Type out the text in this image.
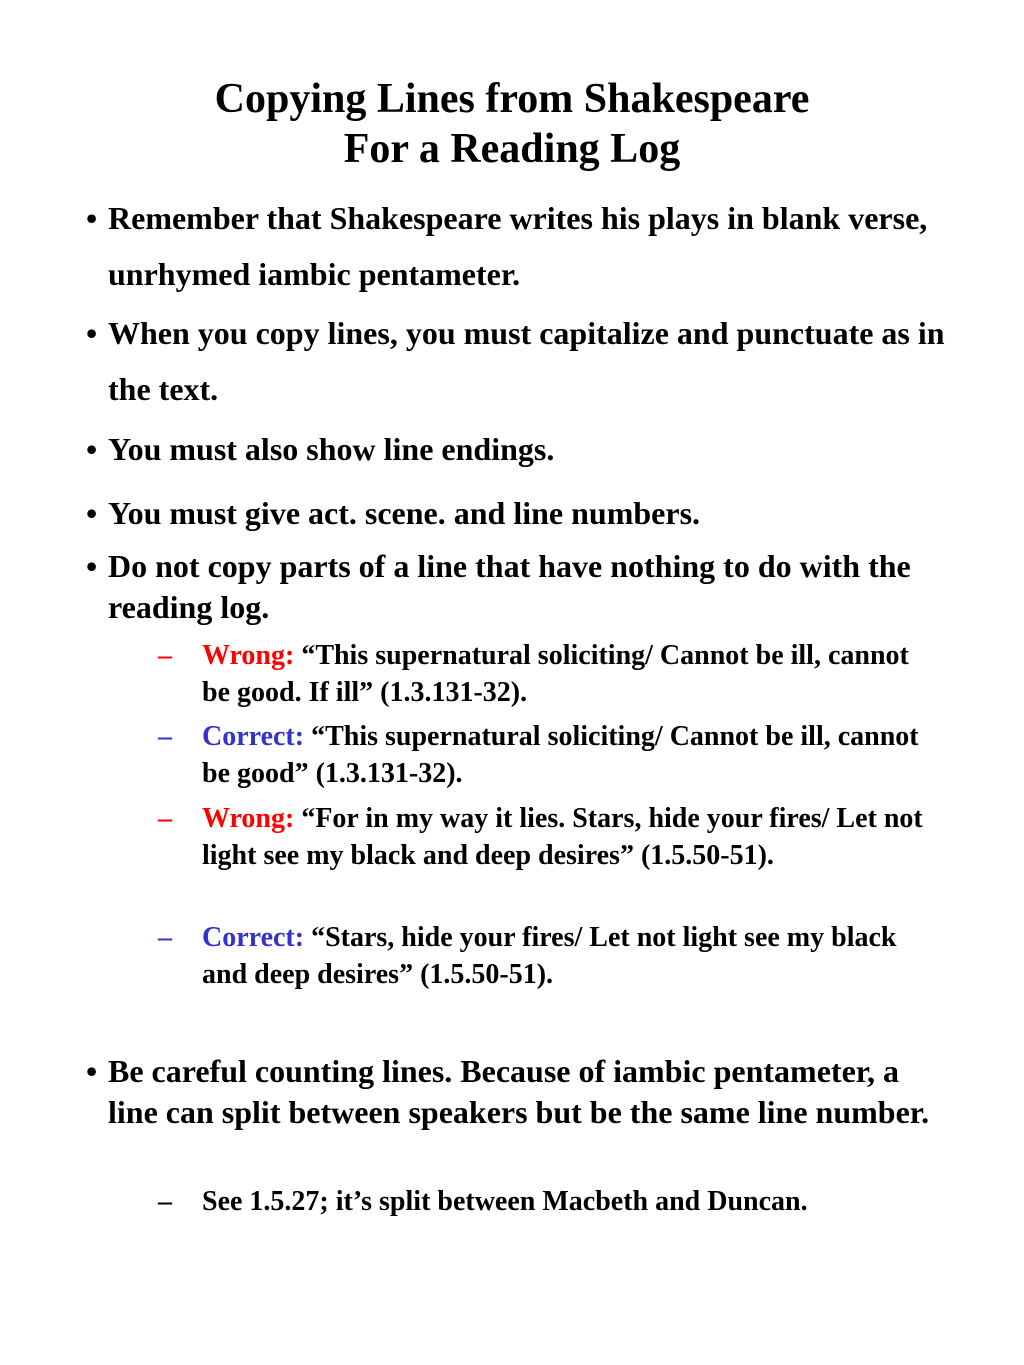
Copying Lines from Shakespeare
For a Reading Log
• Remember that Shakespeare writes his plays in blank verse, unrhymed iambic pentameter.
• When you copy lines, you must capitalize and punctuate as in the text.
• You must also show line endings.
• You must give act. scene. and line numbers.
• Do not copy parts of a line that have nothing to do with the reading log.
–	Wrong: “This supernatural soliciting/ Cannot be ill, cannot be good. If ill” (1.3.131-32).
–	Correct: “This supernatural soliciting/ Cannot be ill, cannot be good” (1.3.131-32).
–	Wrong: “For in my way it lies. Stars, hide your fires/ Let not light see my black and deep desires” (1.5.50-51).
–	Correct: “Stars, hide your fires/ Let not light see my black and deep desires” (1.5.50-51).
• Be careful counting lines. Because of iambic pentameter, a line can split between speakers but be the same line number.
–	See 1.5.27; it’s split between Macbeth and Duncan.
